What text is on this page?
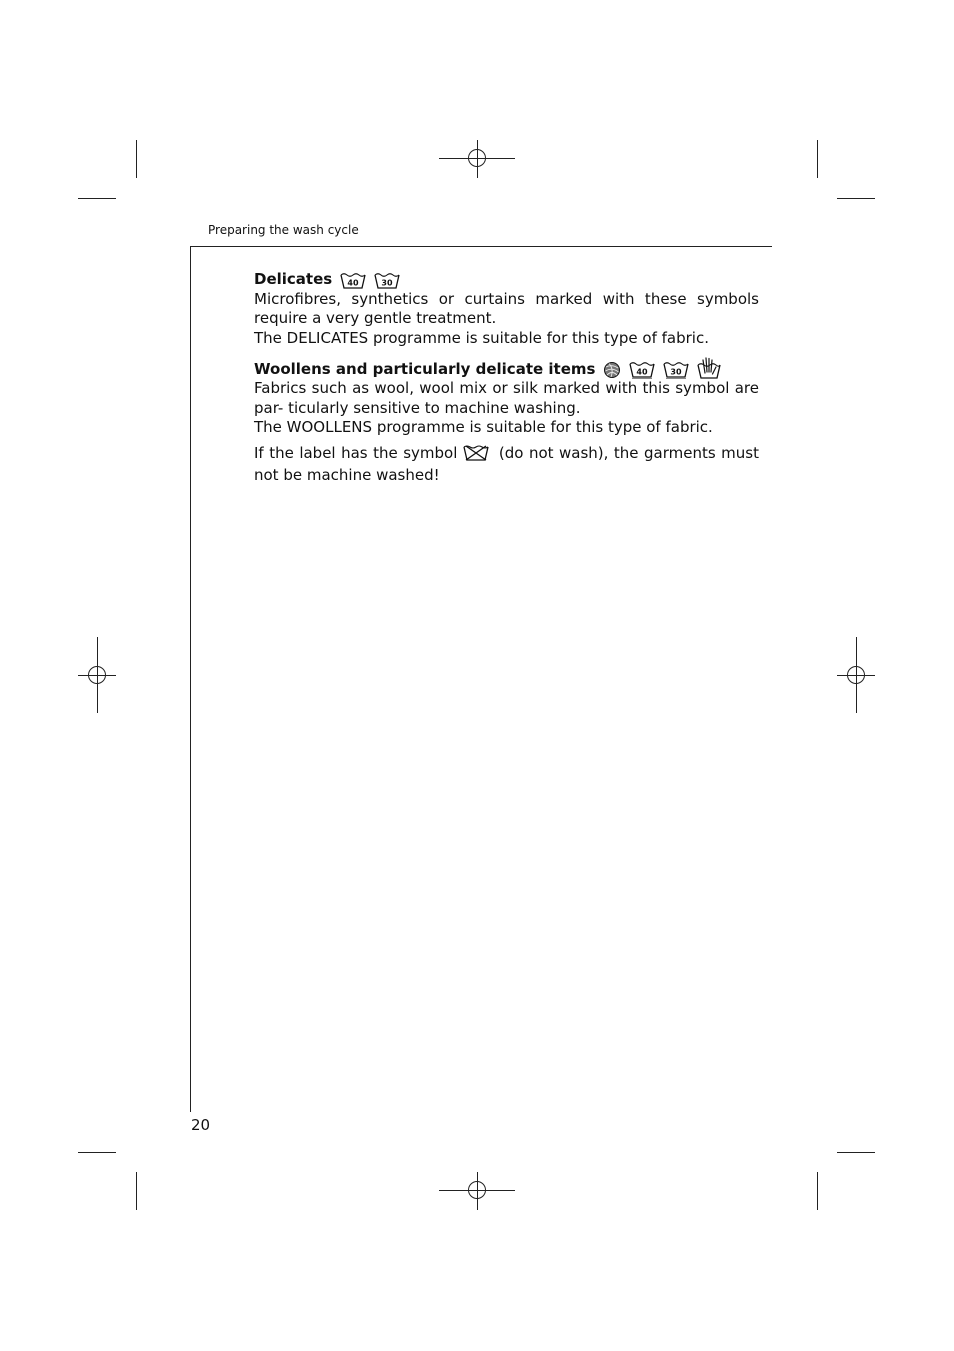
Preparing the wash cycle
Delicates 40	30

Microfibres, synthetics or curtains marked with these symbols require a very gentle treatment.

The DELICATES programme is suitable for this type of fabric.

Woollens and particularly delicate items	40	30

Fabrics such as wool, wool mix or silk marked with this symbol are par- ticularly sensitive to machine washing.

The WOOLLENS programme is suitable for this type of fabric.

If the label has the symbol	(do not wash), the garments must not be machine washed!

20
